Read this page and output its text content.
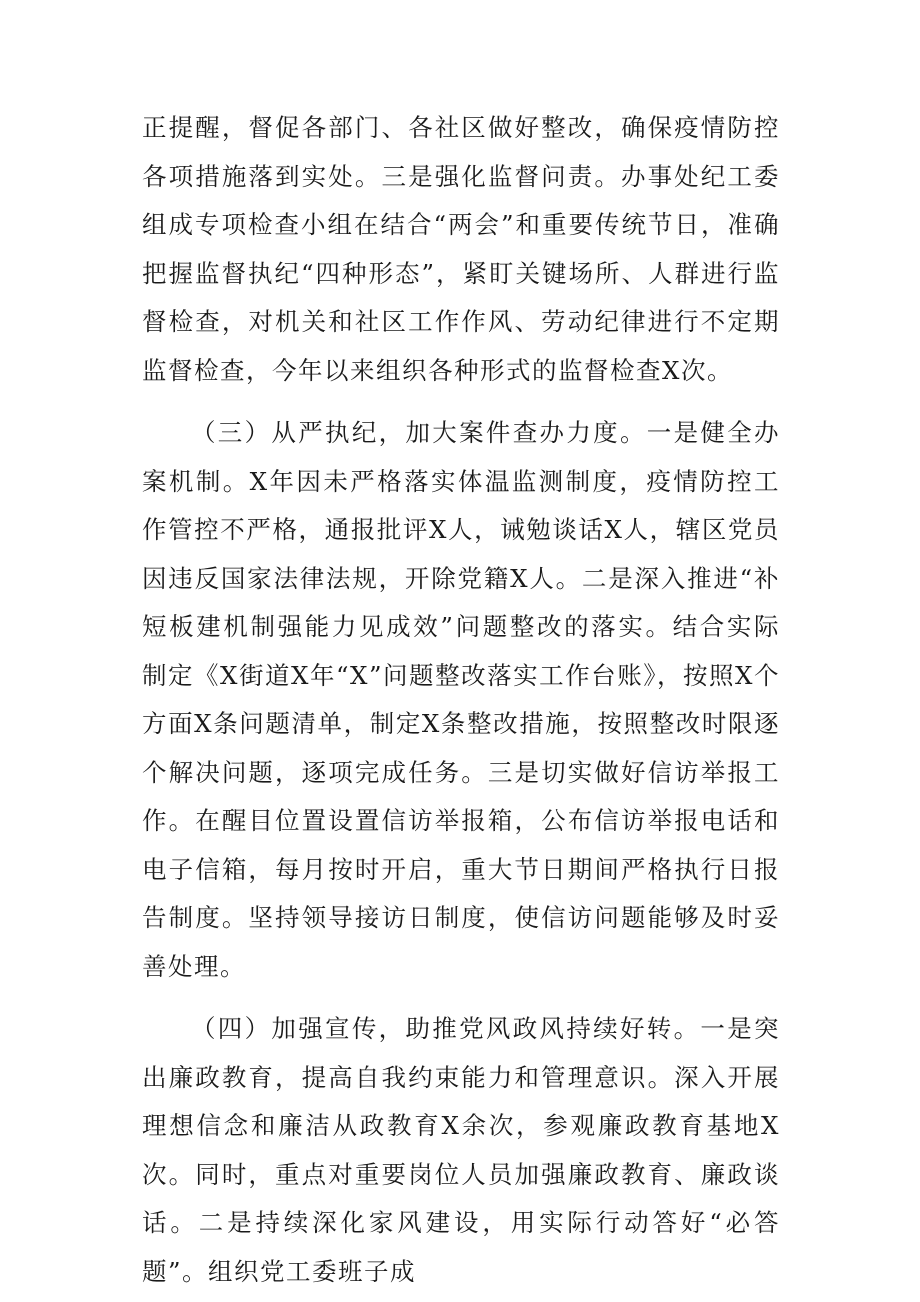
正提醒，督促各部门、各社区做好整改，确保疫情防控各项措施落到实处。三是强化监督问责。办事处纪工委组成专项检查小组在结合“两会”和重要传统节日，准确把握监督执纪“四种形态”，紧盯关键场所、人群进行监督检查，对机关和社区工作作风、劳动纪律进行不定期监督检查，今年以来组织各种形式的监督检查X次。

（三）从严执纪，加大案件查办力度。一是健全办案机制。X年因未严格落实体温监测制度，疫情防控工作管控不严格，通报批评X人，诫勉谈话X人，辖区党员因违反国家法律法规，开除党籍X人。二是深入推进“补短板建机制强能力见成效”问题整改的落实。结合实际制定《X街道X年“X”问题整改落实工作台账》，按照X个方面X条问题清单，制定X条整改措施，按照整改时限逐个解决问题，逐项完成任务。三是切实做好信访举报工作。在醒目位置设置信访举报箱，公布信访举报电话和电子信箱，每月按时开启，重大节日期间严格执行日报告制度。坚持领导接访日制度，使信访问题能够及时妥善处理。

（四）加强宣传，助推党风政风持续好转。一是突出廉政教育，提高自我约束能力和管理意识。深入开展理想信念和廉洁从政教育X余次，参观廉政教育基地X次。同时，重点对重要岗位人员加强廉政教育、廉政谈话。二是持续深化家风建设，用实际行动答好“必答题”。组织党工委班子成
